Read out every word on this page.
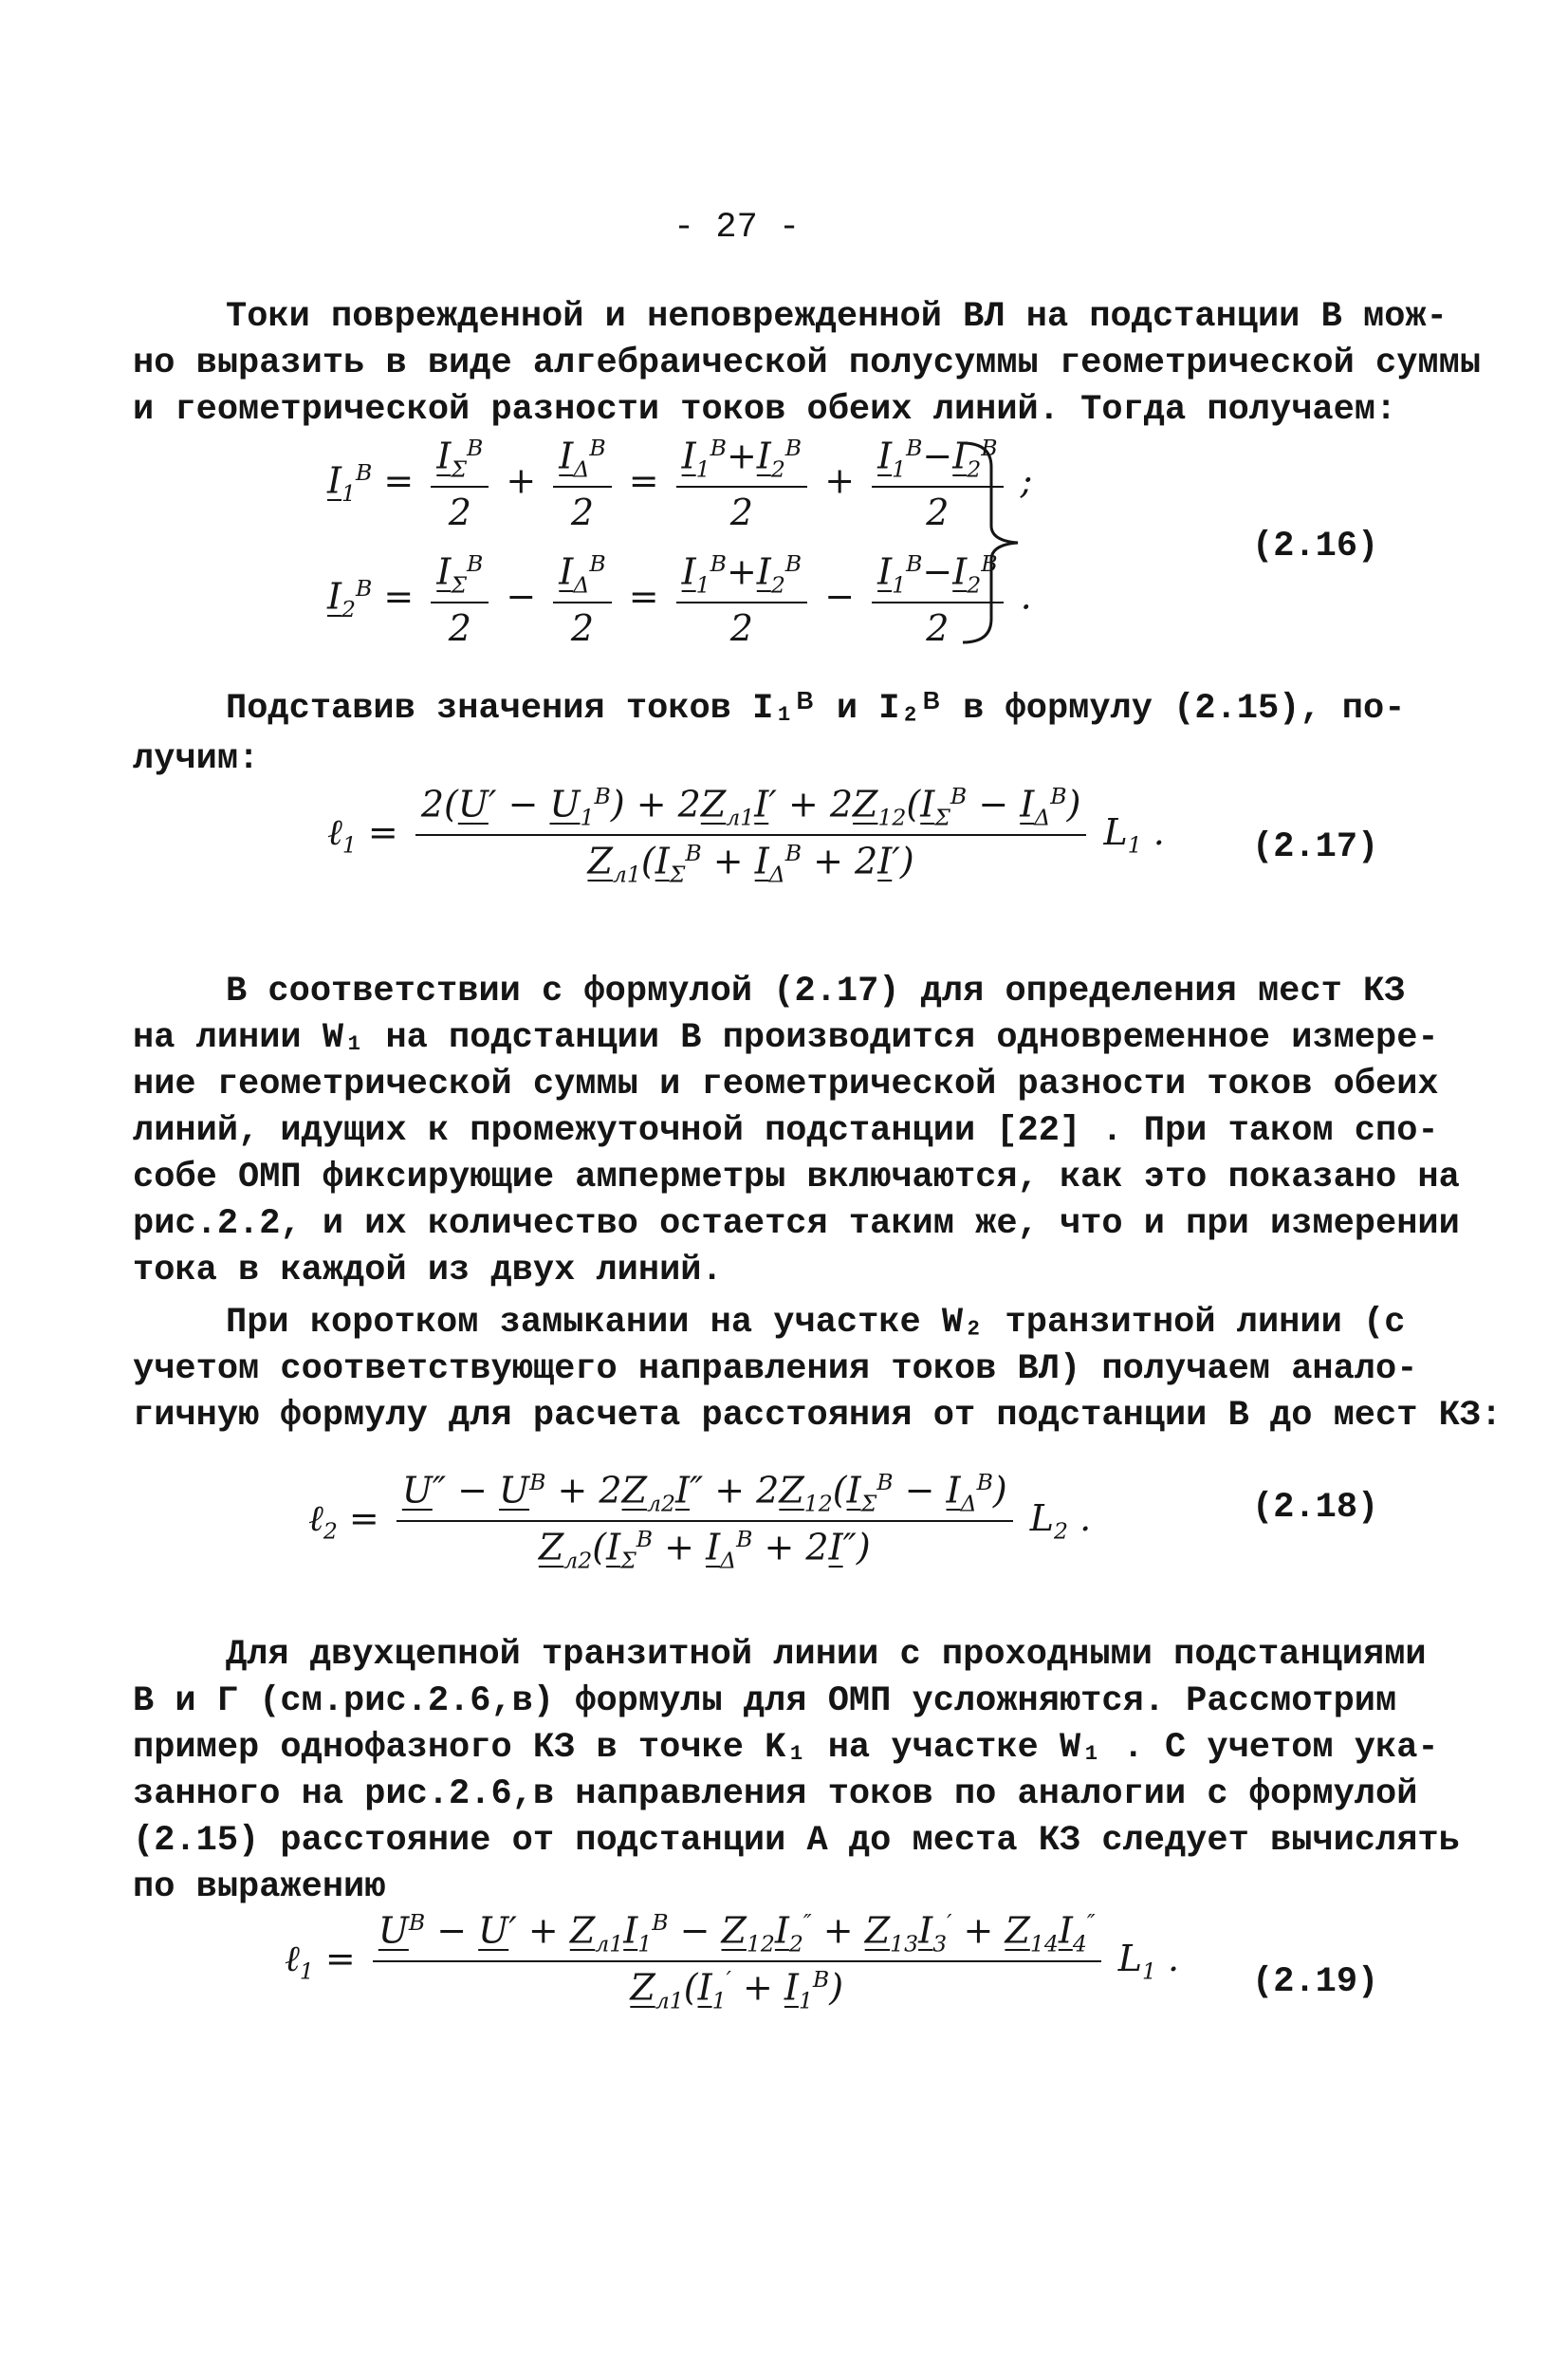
- 27 -
Токи поврежденной и неповрежденной ВЛ на подстанции В мож-
но выразить в виде алгебраической полусуммы геометрической суммы
и геометрической разности токов обеих линий. Тогда получаем:
$I_1^B = \frac{I_\Sigma^B}{2} + \frac{I_\Delta^B}{2} = \frac{I_1^B+I_2^B}{2} + \frac{I_1^B-I_2^B}{2}$ ;
$I_2^B = \frac{I_\Sigma^B}{2} - \frac{I_\Delta^B}{2} = \frac{I_1^B+I_2^B}{2} - \frac{I_1^B-I_2^B}{2}$ .
(2.16)
Подставив значения токов I₁ᴮ и I₂ᴮ в формулу (2.15), по-
лучим:
ℓ$_1$ = $\frac{2(U' - U_1^B) + 2Z_{л1}I' + 2Z_{12}(I_\Sigma^B - I_\Delta^B)}{Z_{л1}(I_\Sigma^B + I_\Delta^B + 2I')} L_1$ . (2.17)
В соответствии с формулой (2.17) для определения мест КЗ
на линии W₁ на подстанции В производится одновременное измере-
ние геометрической суммы и геометрической разности токов обеих
линий, идущих к промежуточной подстанции [22] . При таком спо-
собе ОМП фиксирующие амперметры включаются, как это показано на
рис.2.2, и их количество остается таким же, что и при измерении
тока в каждой из двух линий.
При коротком замыкании на участке W₂ транзитной линии (с
учетом соответствующего направления токов ВЛ) получаем анало-
гичную формулу для расчета расстояния от подстанции В до мест КЗ:
ℓ$_2$ = $\frac{U'' - U^B + 2Z_{л2}I'' + 2Z_{12}(I_\Sigma^B - I_\Delta^B)}{Z_{л2}(I_\Sigma^B + I_\Delta^B + 2I'')} L_2$ .	(2.18)
Для двухцепной транзитной линии с проходными подстанциями
В и Г (см.рис.2.6,в) формулы для ОМП усложняются. Рассмотрим
пример однофазного КЗ в точке K₁ на участке W₁ . С учетом ука-
занного на рис.2.6,в направления токов по аналогии с формулой
(2.15) расстояние от подстанции А до места КЗ следует вычислять
по выражению
ℓ$_1$ = $\frac{U^B - U' + Z_{л1}I_1^B - Z_{12}I_2'' + Z_{13}I_3' + Z_{14}I_4''}{Z_{л1}(I_1' + I_1^B)} L_1$ .
(2.19)
